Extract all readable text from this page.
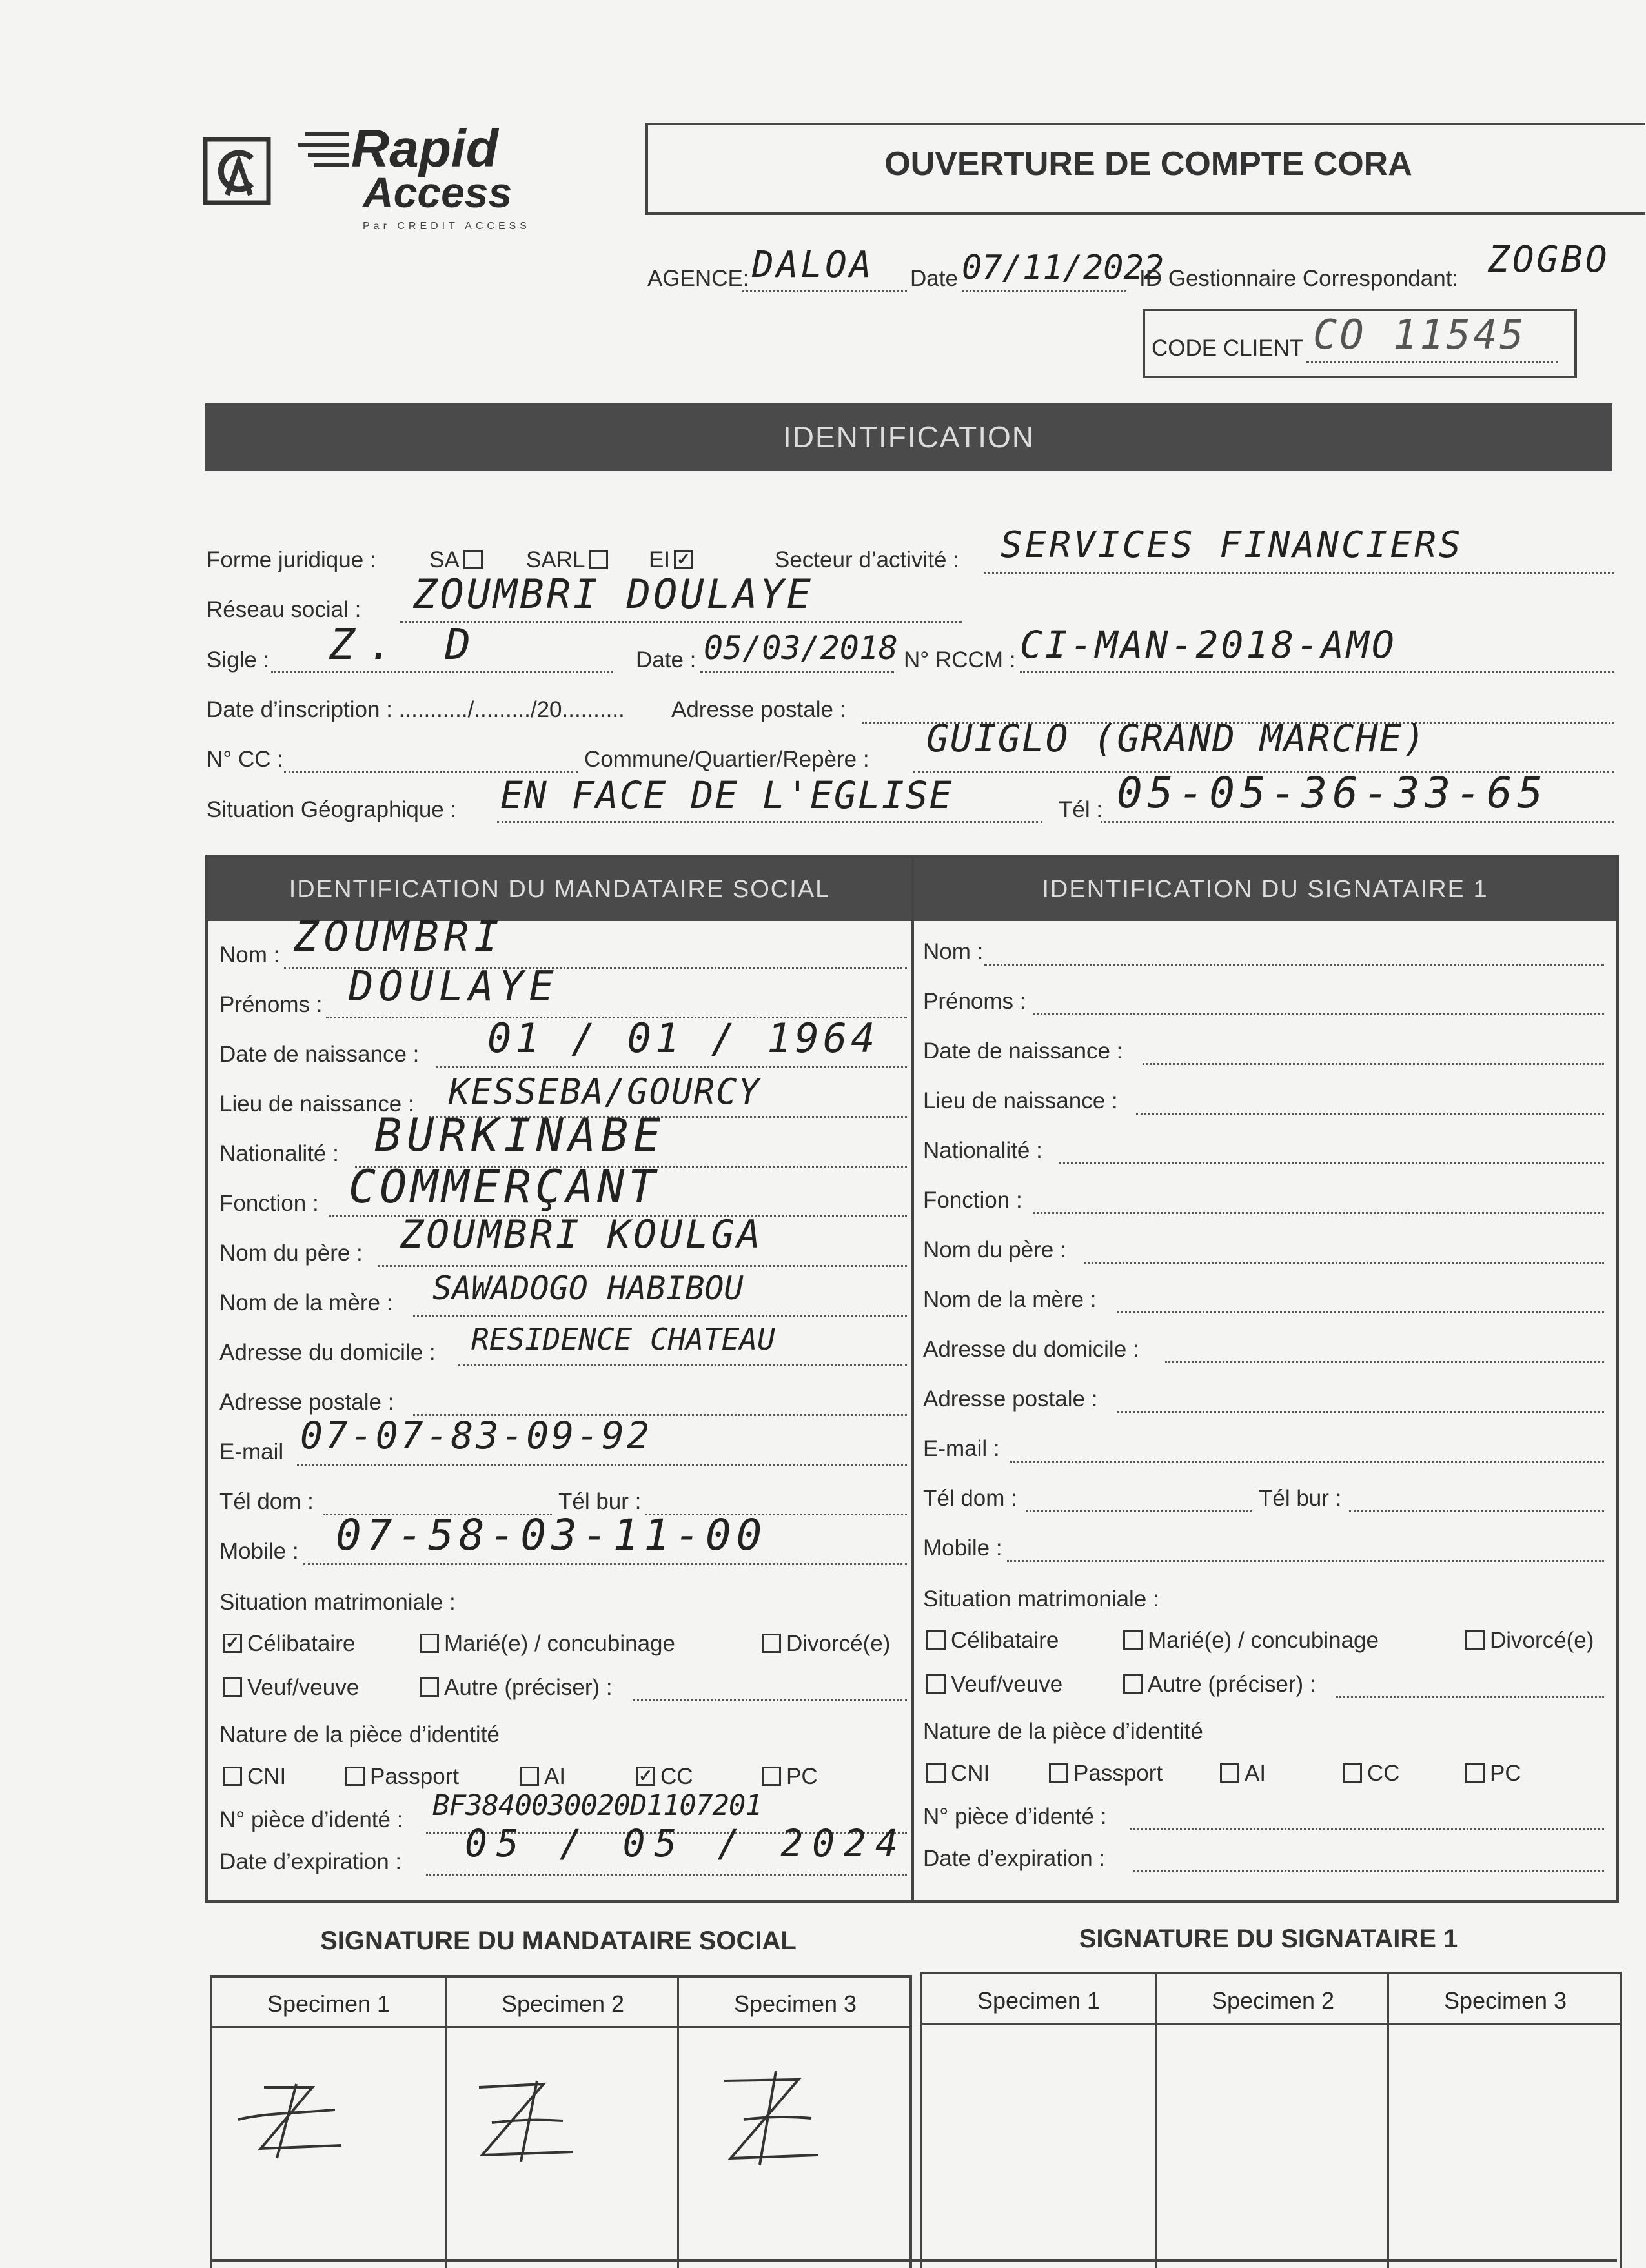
Rapid
Access
Par CREDIT ACCESS
OUVERTURE DE COMPTE CORA
AGENCE: DALOA Date 07/11/2022
ID Gestionnaire Correspondant: ZOGBO
CODE CLIENT CO 11545
IDENTIFICATION
Forme juridique : SA	SARL	EI ✓	Secteur d’activité : SERVICES FINANCIERS
Réseau social : ZOUMBRI DOULAYE
Sigle : Z. D	Date : 05/03/2018 N° RCCM : CI-MAN-2018-AMO
Date d’inscription : .........../........./20.......... Adresse postale :
N° CC :	Commune/Quartier/Repère : GUIGLO (GRAND MARCHE)
Situation Géographique : EN FACE DE L'EGLISE	Tél : 05-05-36-33-65
IDENTIFICATION DU MANDATAIRE SOCIAL	IDENTIFICATION DU SIGNATAIRE 1
Nom : ZOUMBRI
Prénoms : DOULAYE
Date de naissance : 01 / 01 / 1964
Lieu de naissance : KESSEBA/GOURCY
Nationalité : BURKINABE
Fonction : COMMERÇANT
Nom du père : ZOUMBRI KOULGA
Nom de la mère : SAWADOGO HABIBOU
Adresse du domicile : RESIDENCE CHATEAU
Adresse postale :
E-mail 07-07-83-09-92
Tél dom :	Tél bur :
Mobile : 07-58-03-11-00
Situation matrimoniale :
✓ Célibataire	Marié(e) / concubinage	Divorcé(e)
Veuf/veuve	Autre (préciser) :
Nature de la pièce d’identité
CNI	Passport	AI	✓ CC	PC
N° pièce d’identé : BF3840030020D1107201
Date d’expiration : 05 / 05 / 2024
Nom :
Prénoms :
Date de naissance :
Lieu de naissance :
Nationalité :
Fonction :
Nom du père :
Nom de la mère :
Adresse du domicile :
Adresse postale :
E-mail :
Tél dom :	Tél bur :
Mobile :
Situation matrimoniale :
Célibataire	Marié(e) / concubinage	Divorcé(e)
Veuf/veuve	Autre (préciser) :
Nature de la pièce d’identité
CNI	Passport	AI	CC	PC
N° pièce d’identé :
Date d’expiration :
SIGNATURE DU MANDATAIRE SOCIAL	SIGNATURE DU SIGNATAIRE 1
Specimen 1	Specimen 2	Specimen 3	Specimen 1	Specimen 2	Specimen 3
